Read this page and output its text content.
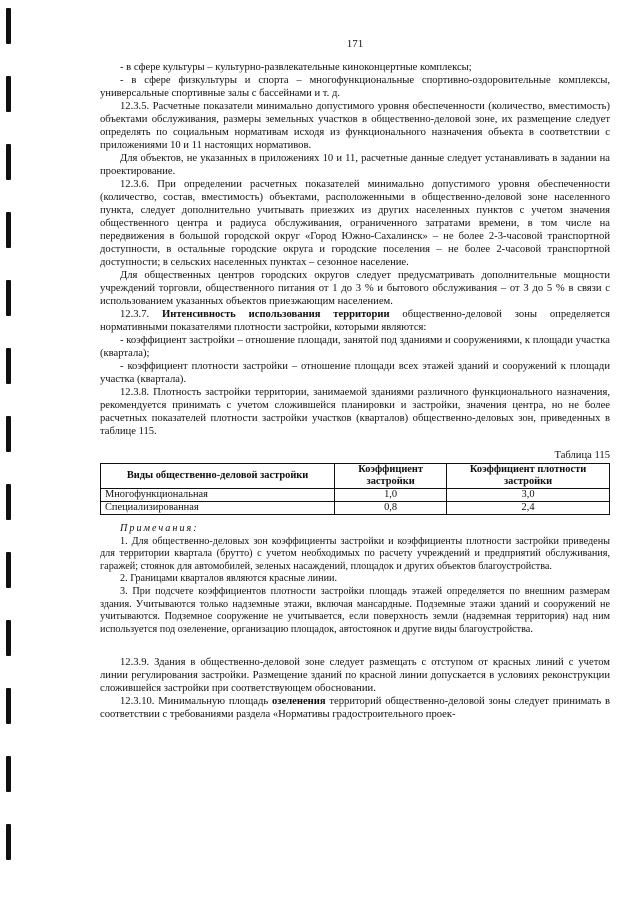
171

- в сфере культуры – культурно-развлекательные киноконцертные комплексы;

- в сфере физкультуры и спорта – многофункциональные спортивно-оздоровительные комплексы, универсальные спортивные залы с бассейнами и т. д.

12.3.5. Расчетные показатели минимально допустимого уровня обеспеченности (количество, вместимость) объектами обслуживания, размеры земельных участков в общественно-деловой зоне, их размещение следует определять по социальным нормативам исходя из функционального назначения объекта в соответствии с приложениями 10 и 11 настоящих нормативов.

Для объектов, не указанных в приложениях 10 и 11, расчетные данные следует устанавливать в задании на проектирование.

12.3.6. При определении расчетных показателей минимально допустимого уровня обеспеченности (количество, состав, вместимость) объектами, расположенными в общественно-деловой зоне населенного пункта, следует дополнительно учитывать приезжих из других населенных пунктов с учетом значения общественного центра и радиуса обслуживания, ограниченного затратами времени, в том числе на передвижения в большой городской округ «Город Южно-Сахалинск» – не более 2-3-часовой транспортной доступности, в остальные городские округа и городские поселения – не более 2-часовой транспортной доступности; в сельских населенных пунктах – сезонное население.

Для общественных центров городских округов следует предусматривать дополнительные мощности учреждений торговли, общественного питания от 1 до 3 % и бытового обслуживания – от 3 до 5 % в связи с использованием указанных объектов приезжающим населением.

12.3.7. Интенсивность использования территории общественно-деловой зоны определяется нормативными показателями плотности застройки, которыми являются:

- коэффициент застройки – отношение площади, занятой под зданиями и сооружениями, к площади участка (квартала);

- коэффициент плотности застройки – отношение площади всех этажей зданий и сооружений к площади участка (квартала).

12.3.8. Плотность застройки территории, занимаемой зданиями различного функционального назначения, рекомендуется принимать с учетом сложившейся планировки и застройки, значения центра, но не более расчетных показателей плотности застройки участков (кварталов) общественно-деловых зон, приведенных в таблице 115.

Таблица 115
Виды общественно-деловой застройки	Коэффициент застройки	Коэффициент плотности застройки
Многофункциональная	1,0	3,0
Специализированная	0,8	2,4
Примечания:

1. Для общественно-деловых зон коэффициенты застройки и коэффициенты плотности застройки приведены для территории квартала (брутто) с учетом необходимых по расчету учреждений и предприятий обслуживания, гаражей; стоянок для автомобилей, зеленых насаждений, площадок и других объектов благоустройства.

2. Границами кварталов являются красные линии.

3. При подсчете коэффициентов плотности застройки площадь этажей определяется по внешним размерам здания. Учитываются только надземные этажи, включая мансардные. Подземные этажи зданий и сооружений не учитываются. Подземное сооружение не учитывается, если поверхность земли (надземная территория) над ним используется под озеленение, организацию площадок, автостоянок и другие виды благоустройства.

12.3.9. Здания в общественно-деловой зоне следует размещать с отступом от красных линий с учетом линии регулирования застройки. Размещение зданий по красной линии допускается в условиях реконструкции сложившейся застройки при соответствующем обосновании.

12.3.10. Минимальную площадь озеленения территорий общественно-деловой зоны следует принимать в соответствии с требованиями раздела «Нормативы градостроительного проек-
